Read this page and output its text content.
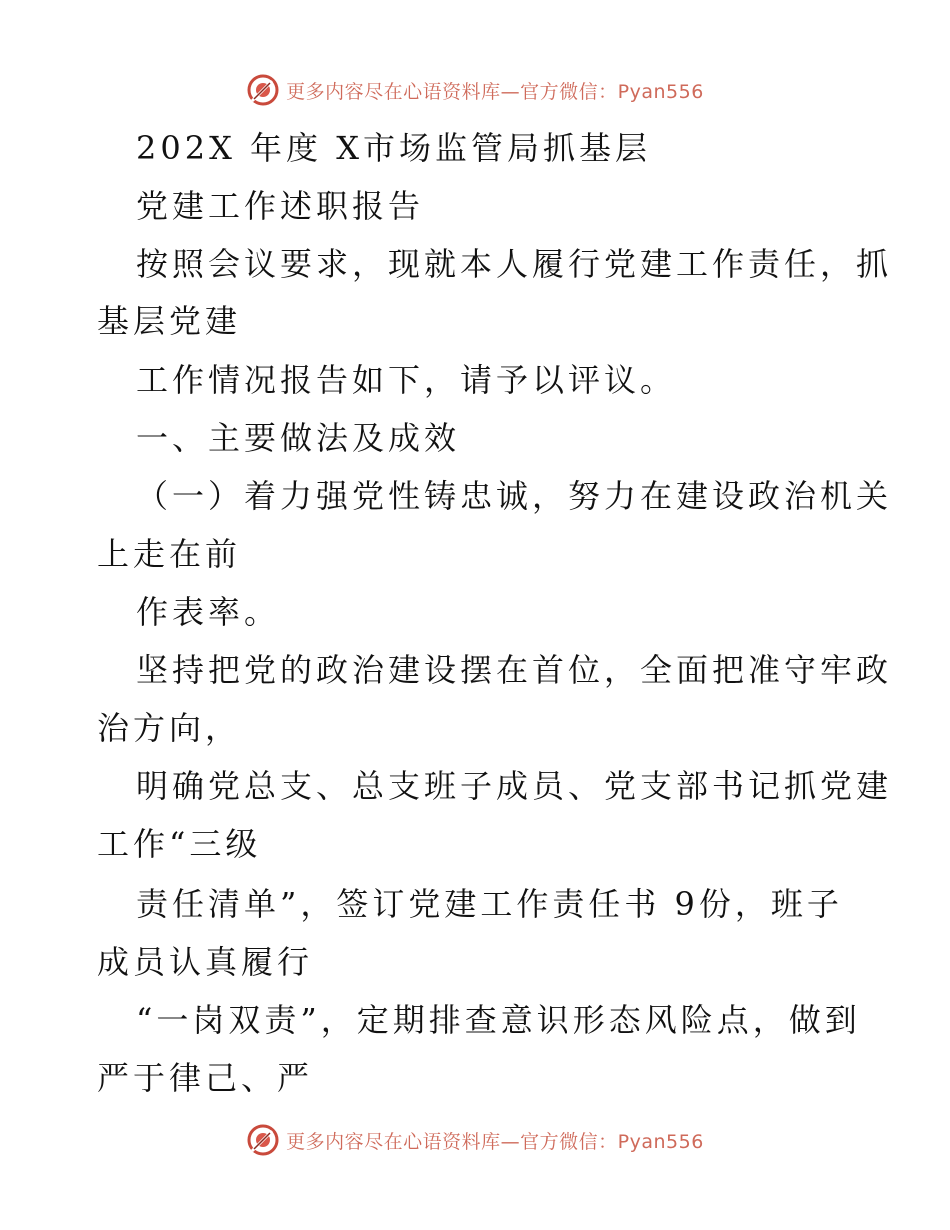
更多内容尽在心语资料库—官方微信：Pyan556
202X 年度 X市场监管局抓基层
党建工作述职报告
按照会议要求，现就本人履行党建工作责任，抓
基层党建
工作情况报告如下，请予以评议。
一、主要做法及成效
（一）着力强党性铸忠诚，努力在建设政治机关
上走在前
作表率。
坚持把党的政治建设摆在首位，全面把准守牢政
治方向，
明确党总支、总支班子成员、党支部书记抓党建
工作“三级
责任清单”，签订党建工作责任书 9份，班子
成员认真履行
“一岗双责”，定期排查意识形态风险点，做到
严于律己、严
更多内容尽在心语资料库—官方微信：Pyan556
